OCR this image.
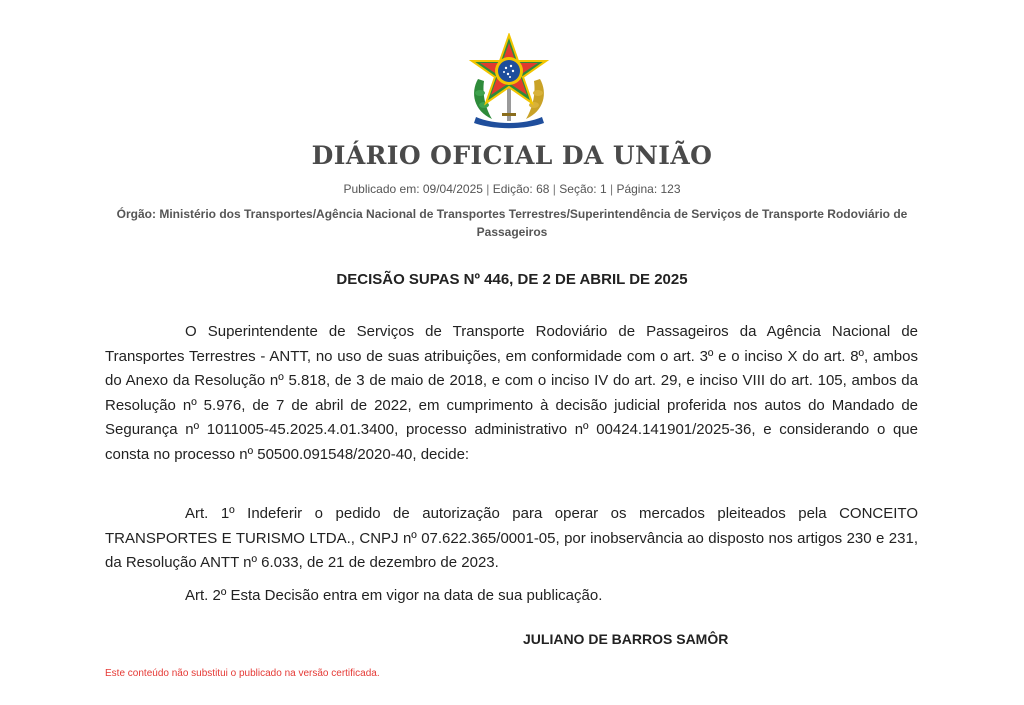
DIÁRIO OFICIAL DA UNIÃO
Publicado em: 09/04/2025 | Edição: 68 | Seção: 1 | Página: 123
Órgão: Ministério dos Transportes/Agência Nacional de Transportes Terrestres/Superintendência de Serviços de Transporte Rodoviário de Passageiros
DECISÃO SUPAS Nº 446, DE 2 DE ABRIL DE 2025

O Superintendente de Serviços de Transporte Rodoviário de Passageiros da Agência Nacional de Transportes Terrestres - ANTT, no uso de suas atribuições, em conformidade com o art. 3º e o inciso X do art. 8º, ambos do Anexo da Resolução nº 5.818, de 3 de maio de 2018, e com o inciso IV do art. 29, e inciso VIII do art. 105, ambos da Resolução nº 5.976, de 7 de abril de 2022, em cumprimento à decisão judicial proferida nos autos do Mandado de Segurança nº 1011005-45.2025.4.01.3400, processo administrativo nº 00424.141901/2025-36, e considerando o que consta no processo nº 50500.091548/2020-40, decide:

Art. 1º Indeferir o pedido de autorização para operar os mercados pleiteados pela CONCEITO TRANSPORTES E TURISMO LTDA., CNPJ nº 07.622.365/0001-05, por inobservância ao disposto nos artigos 230 e 231, da Resolução ANTT nº 6.033, de 21 de dezembro de 2023.

Art. 2º Esta Decisão entra em vigor na data de sua publicação.

JULIANO DE BARROS SAMÔR
Este conteúdo não substitui o publicado na versão certificada.
